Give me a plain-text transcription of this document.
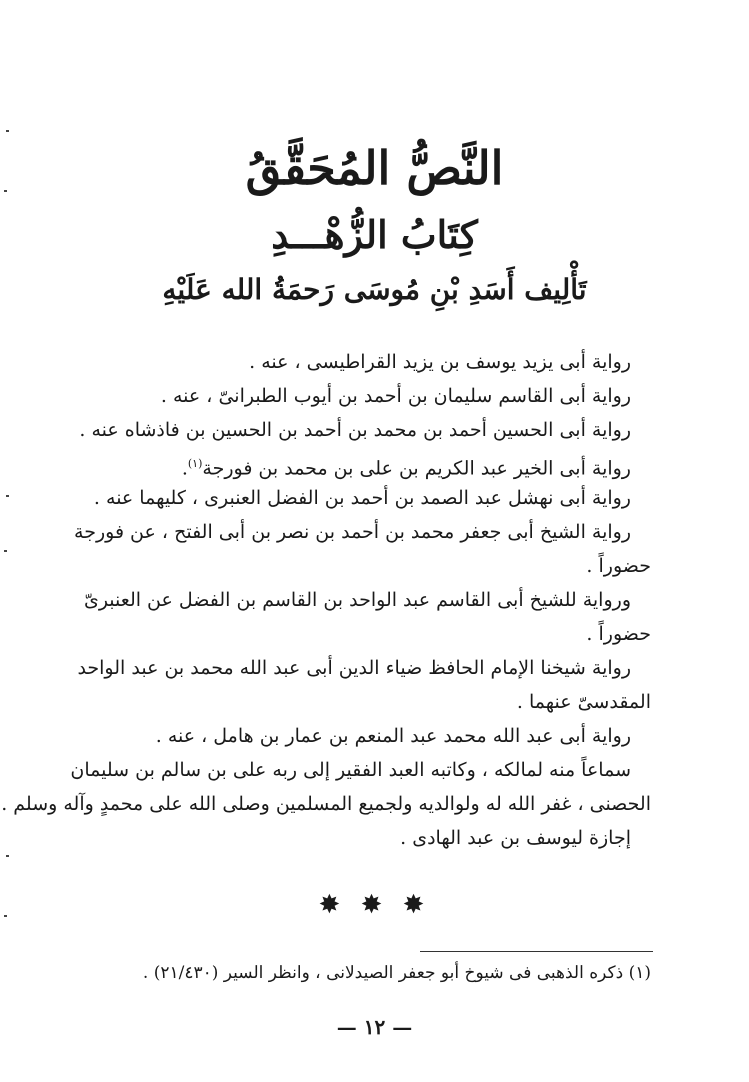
النَّصُّ المُحَقَّقُ
كِتَابُ الزُّهْـــدِ
تَأْلِيف أَسَدِ بْنِ مُوسَى رَحمَةُ الله عَلَيْهِ
رواية أبى يزيد يوسف بن يزيد القراطيسى ، عنه .
رواية أبى القاسم سليمان بن أحمد بن أيوب الطبرانىّ ، عنه .
رواية أبى الحسين أحمد بن محمد بن أحمد بن الحسين بن فاذشاه عنه .
رواية أبى الخير عبد الكريم بن على بن محمد بن فورجة$^{(١)}$.
رواية أبى نهشل عبد الصمد بن أحمد بن الفضل العنبرى ، كليهما عنه .
رواية الشيخ أبى جعفر محمد بن أحمد بن نصر بن أبى الفتح ، عن فورجة
حضوراً .
ورواية للشيخ أبى القاسم عبد الواحد بن القاسم بن الفضل عن العنبرىّ
حضوراً .
رواية شيخنا الإمام الحافظ ضياء الدين أبى عبد الله محمد بن عبد الواحد
المقدسىّ عنهما .
رواية أبى عبد الله محمد عبد المنعم بن عمار بن هامل ، عنه .
سماعاً منه لمالكه ، وكاتبه العبد الفقير إلى ربه على بن سالم بن سليمان
الحصنى ، غفر الله له ولوالديه ولجميع المسلمين وصلى الله على محمدٍ وآله وسلم .
إجازة ليوسف بن عبد الهادى .
✸ ✸ ✸
(١) ذكره الذهبى فى شيوخ أبو جعفر الصيدلانى ، وانظر السير (٢١/٤٣٠) .
— ١٢ —
